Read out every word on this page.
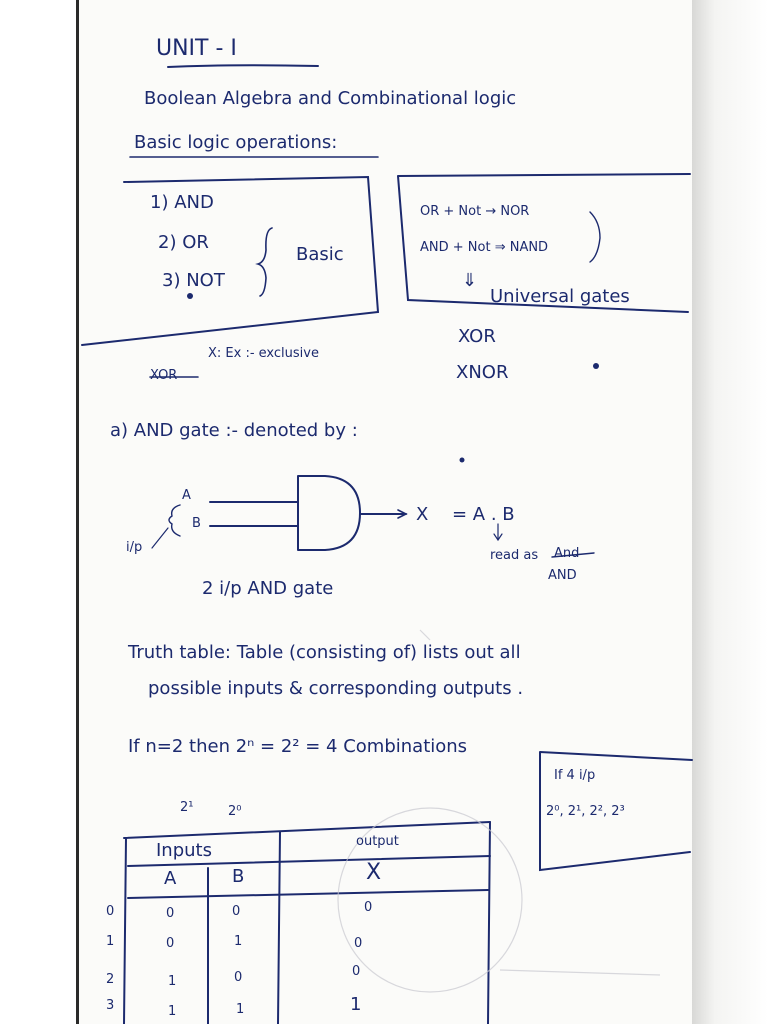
UNIT - I
Boolean Algebra and Combinational logic
Basic logic operations:
1) AND
2) OR
3) NOT
Basic
OR + Not → NOR
AND + Not ⇒ NAND
⇓
Universal gates
XOR
XNOR
XOR
X: Ex :- exclusive
a) AND gate :- denoted by :
A
B
i/p
X = A . B
read as And
AND
2 i/p AND gate
Truth table: Table (consisting of) lists out all
possible inputs & corresponding outputs .
If n=2 then 2ⁿ = 2² = 4 Combinations
If 4 i/p
2⁰, 2¹, 2², 2³
2¹	2⁰
Inputs	output
A	B	X
0
1
2
3
0	0	0
0	1	0
1	0	0
1	1	1
